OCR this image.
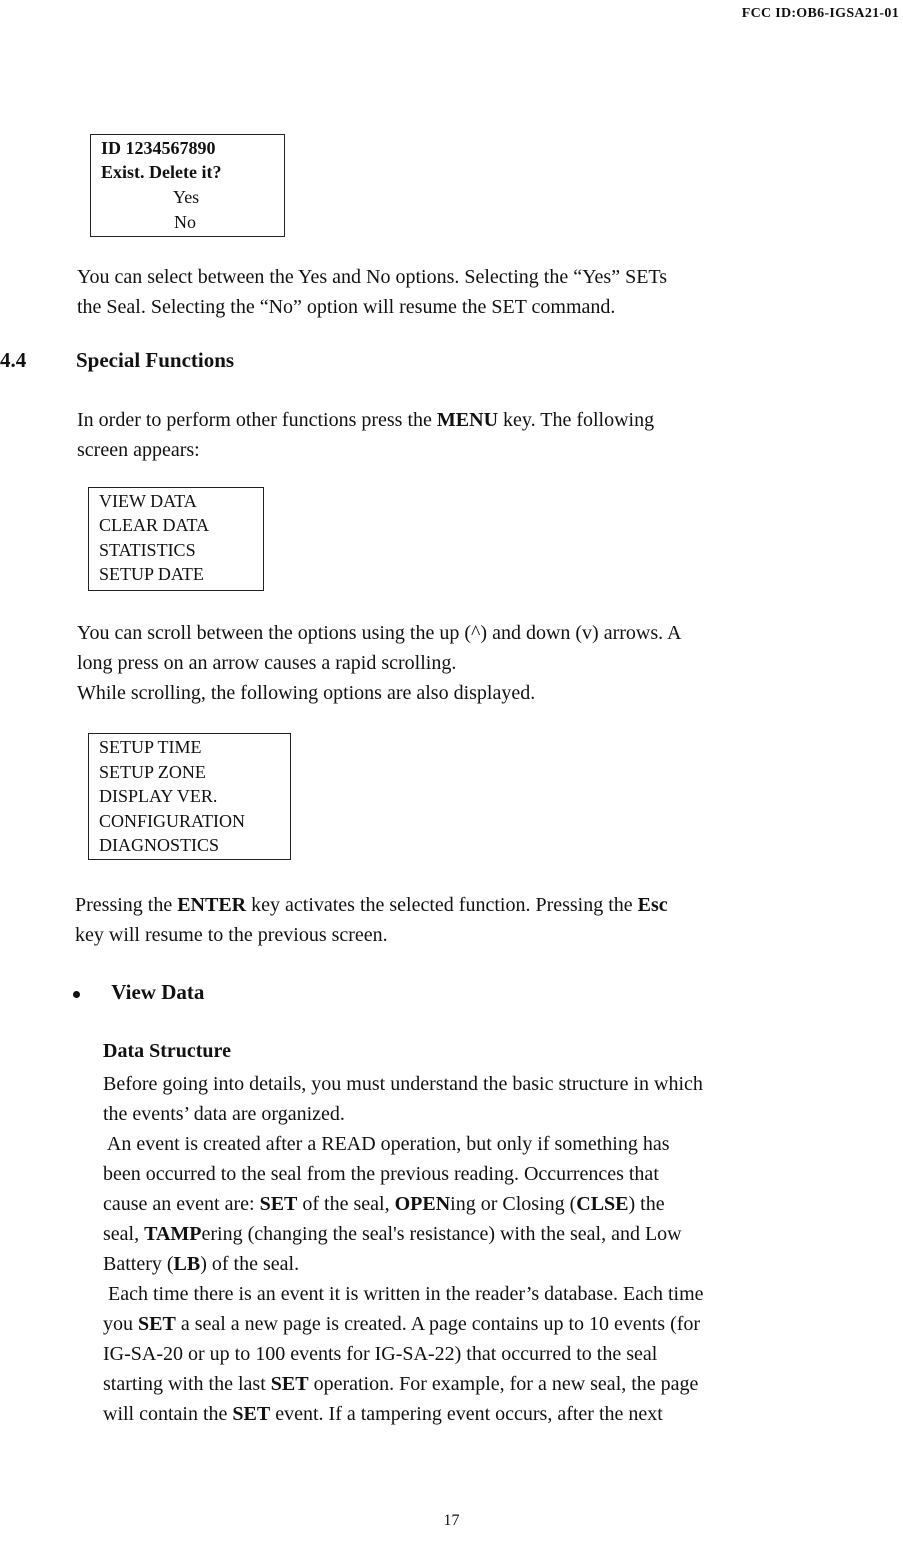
FCC ID:OB6-IGSA21-01
ID 1234567890
Exist. Delete it?
Yes
No

You can select between the Yes and No options. Selecting the “Yes” SETs

the Seal. Selecting the “No” option will resume the SET command.

4.4 Special Functions

In order to perform other functions press the MENU key. The following

screen appears:

VIEW DATA
CLEAR DATA
STATISTICS
SETUP DATE

You can scroll between the options using the up (^) and down (v) arrows. A

long press on an arrow causes a rapid scrolling.

While scrolling, the following options are also displayed.

SETUP TIME
SETUP ZONE
DISPLAY VER.
CONFIGURATION
DIAGNOSTICS

Pressing the ENTER key activates the selected function. Pressing the Esc

key will resume to the previous screen.

View Data
Data Structure

Before going into details, you must understand the basic structure in which

the events’ data are organized.

An event is created after a READ operation, but only if something has

been occurred to the seal from the previous reading. Occurrences that

cause an event are: SET of the seal, OPENing or Closing (CLSE) the

seal, TAMPering (changing the seal's resistance) with the seal, and Low

Battery (LB) of the seal.

Each time there is an event it is written in the reader’s database. Each time

you SET a seal a new page is created. A page contains up to 10 events (for

IG-SA-20 or up to 100 events for IG-SA-22) that occurred to the seal

starting with the last SET operation. For example, for a new seal, the page

will contain the SET event. If a tampering event occurs, after the next

17
